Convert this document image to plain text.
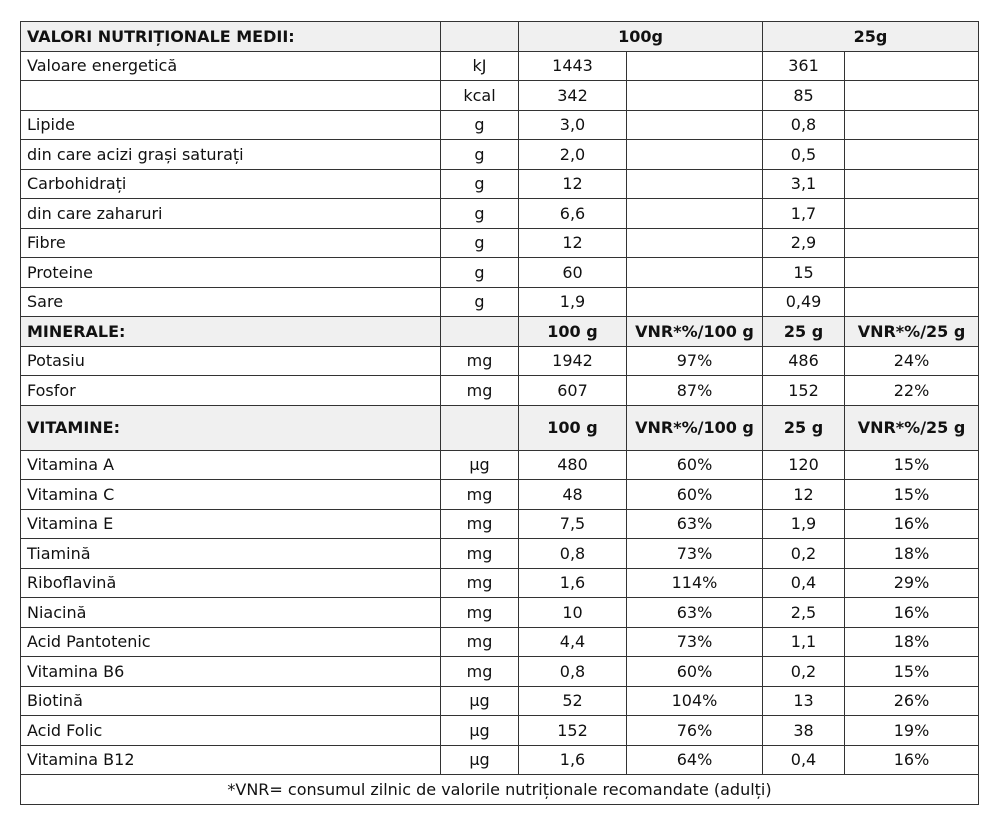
VALORI NUTRIȚIONALE MEDII:		100g		25g	
Valoare energetică	kJ	1443		361	
	kcal	342		85	
Lipide	g	3,0		0,8	
din care acizi grași saturați	g	2,0		0,5	
Carbohidrați	g	12		3,1	
din care zaharuri	g	6,6		1,7	
Fibre	g	12		2,9	
Proteine	g	60		15	
Sare	g	1,9		0,49	
MINERALE:		100 g	VNR*%/100 g	25 g	VNR*%/25 g
Potasiu	mg	1942	97%	486	24%
Fosfor	mg	607	87%	152	22%
VITAMINE:		100 g	VNR*%/100 g	25 g	VNR*%/25 g
Vitamina A	µg	480	60%	120	15%
Vitamina C	mg	48	60%	12	15%
Vitamina E	mg	7,5	63%	1,9	16%
Tiamină	mg	0,8	73%	0,2	18%
Riboflavină	mg	1,6	114%	0,4	29%
Niacină	mg	10	63%	2,5	16%
Acid Pantotenic	mg	4,4	73%	1,1	18%
Vitamina B6	mg	0,8	60%	0,2	15%
Biotină	µg	52	104%	13	26%
Acid Folic	µg	152	76%	38	19%
Vitamina B12	µg	1,6	64%	0,4	16%
*VNR= consumul zilnic de valorile nutriționale recomandate (adulți)					
